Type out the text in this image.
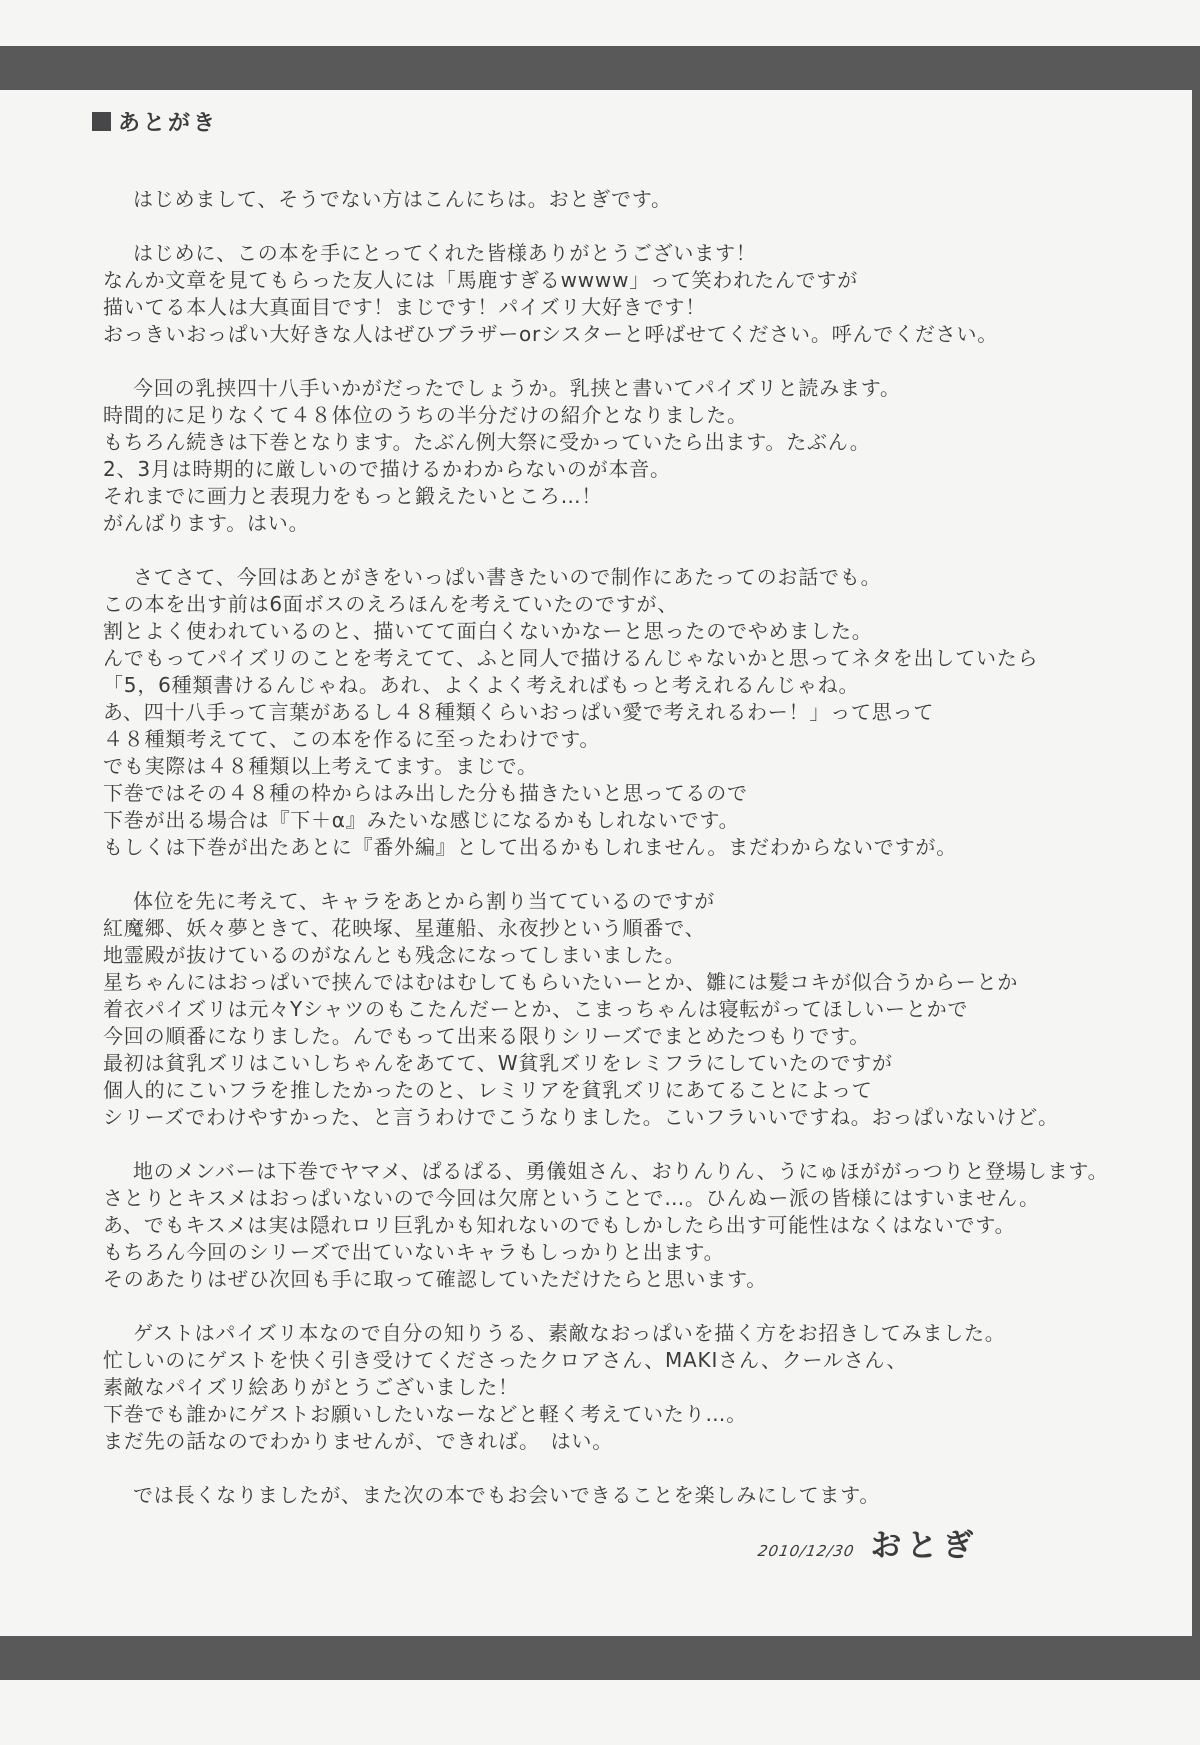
あとがき
はじめまして、そうでない方はこんにちは。おとぎです。
はじめに、この本を手にとってくれた皆様ありがとうございます！
なんか文章を見てもらった友人には「馬鹿すぎるwwww」って笑われたんですが
描いてる本人は大真面目です！まじです！パイズリ大好きです！
おっきいおっぱい大好きな人はぜひブラザーorシスターと呼ばせてください。呼んでください。
今回の乳挟四十八手いかがだったでしょうか。乳挟と書いてパイズリと読みます。
時間的に足りなくて４８体位のうちの半分だけの紹介となりました。
もちろん続きは下巻となります。たぶん例大祭に受かっていたら出ます。たぶん。
2、3月は時期的に厳しいので描けるかわからないのが本音。
それまでに画力と表現力をもっと鍛えたいところ…！
がんばります。はい。
さてさて、今回はあとがきをいっぱい書きたいので制作にあたってのお話でも。
この本を出す前は6面ボスのえろほんを考えていたのですが、
割とよく使われているのと、描いてて面白くないかなーと思ったのでやめました。
んでもってパイズリのことを考えてて、ふと同人で描けるんじゃないかと思ってネタを出していたら
「5，6種類書けるんじゃね。あれ、よくよく考えればもっと考えれるんじゃね。
あ、四十八手って言葉があるし４８種類くらいおっぱい愛で考えれるわー！」って思って
４８種類考えてて、この本を作るに至ったわけです。
でも実際は４８種類以上考えてます。まじで。
下巻ではその４８種の枠からはみ出した分も描きたいと思ってるので
下巻が出る場合は『下＋α』みたいな感じになるかもしれないです。
もしくは下巻が出たあとに『番外編』として出るかもしれません。まだわからないですが。
体位を先に考えて、キャラをあとから割り当てているのですが
紅魔郷、妖々夢ときて、花映塚、星蓮船、永夜抄という順番で、
地霊殿が抜けているのがなんとも残念になってしまいました。
星ちゃんにはおっぱいで挟んではむはむしてもらいたいーとか、雛には髪コキが似合うからーとか
着衣パイズリは元々Yシャツのもこたんだーとか、こまっちゃんは寝転がってほしいーとかで
今回の順番になりました。んでもって出来る限りシリーズでまとめたつもりです。
最初は貧乳ズリはこいしちゃんをあてて、W貧乳ズリをレミフラにしていたのですが
個人的にこいフラを推したかったのと、レミリアを貧乳ズリにあてることによって
シリーズでわけやすかった、と言うわけでこうなりました。こいフラいいですね。おっぱいないけど。
地のメンバーは下巻でヤマメ、ぱるぱる、勇儀姐さん、おりんりん、うにゅほががっつりと登場します。
さとりとキスメはおっぱいないので今回は欠席ということで…。ひんぬー派の皆様にはすいません。
あ、でもキスメは実は隠れロリ巨乳かも知れないのでもしかしたら出す可能性はなくはないです。
もちろん今回のシリーズで出ていないキャラもしっかりと出ます。
そのあたりはぜひ次回も手に取って確認していただけたらと思います。
ゲストはパイズリ本なので自分の知りうる、素敵なおっぱいを描く方をお招きしてみました。
忙しいのにゲストを快く引き受けてくださったクロアさん、MAKIさん、クールさん、
素敵なパイズリ絵ありがとうございました！
下巻でも誰かにゲストお願いしたいなーなどと軽く考えていたり…。
まだ先の話なのでわかりませんが、できれば。　はい。
では長くなりましたが、また次の本でもお会いできることを楽しみにしてます。
2010/12/30 おとぎ
